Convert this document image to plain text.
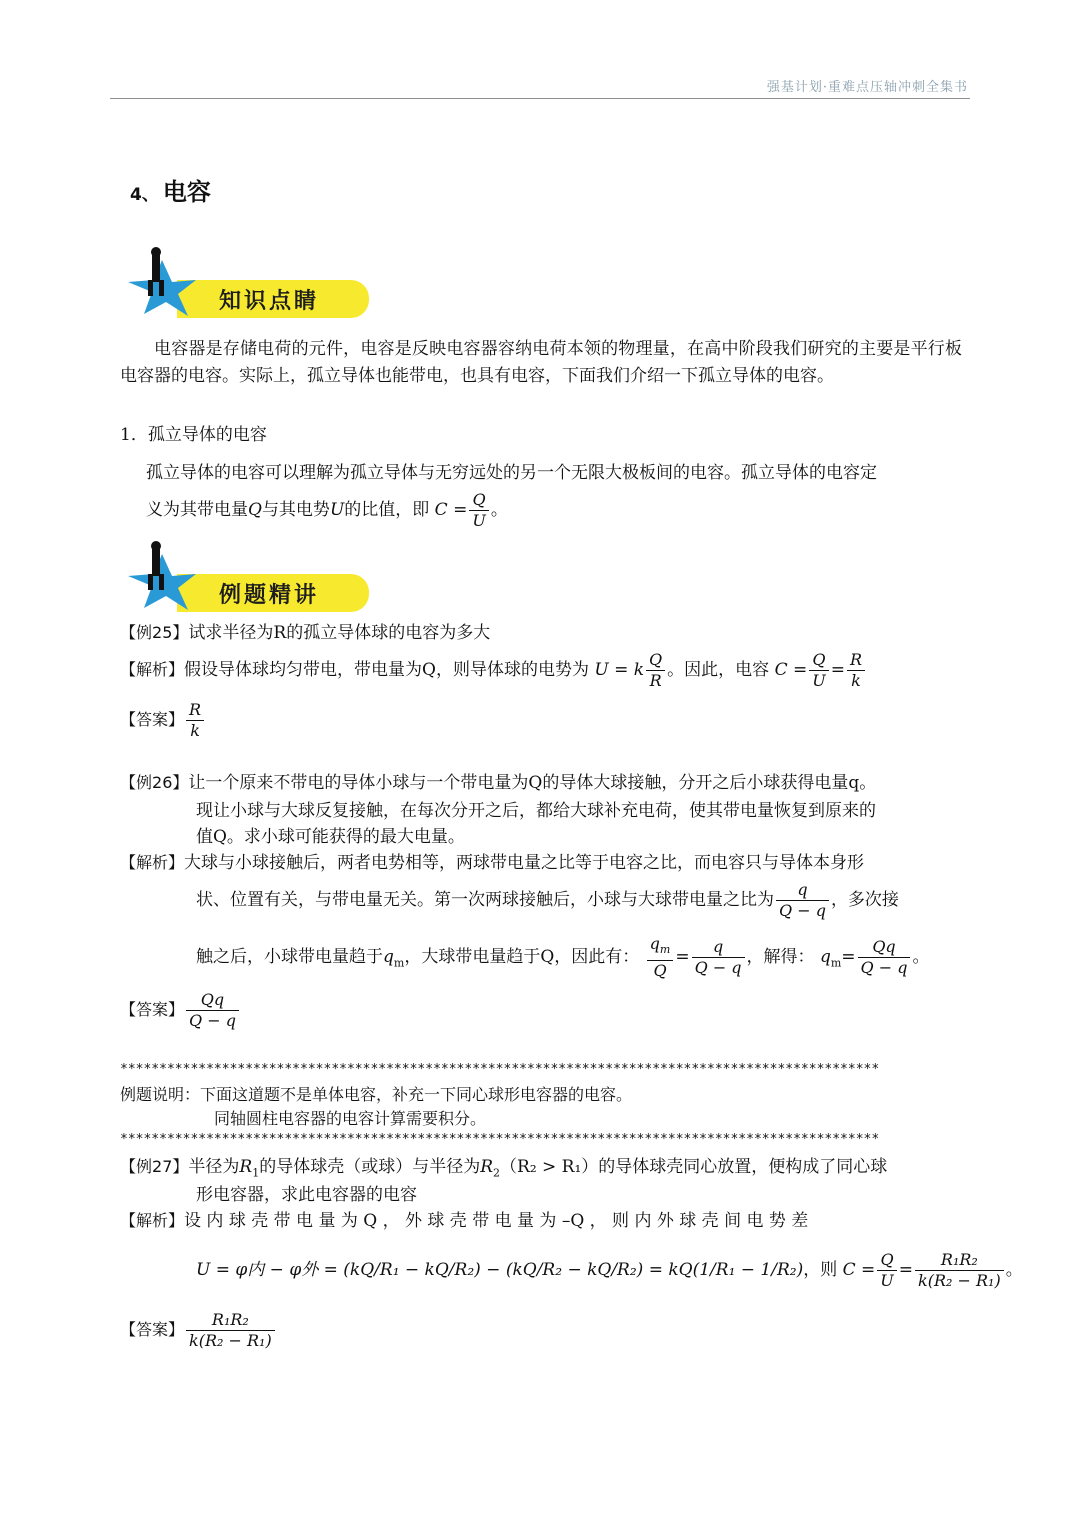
强基计划·重难点压轴冲刺全集书
4、 电容
知识点睛
电容器是存储电荷的元件，电容是反映电容器容纳电荷本领的物理量，在高中阶段我们研究的主要是平行板电容器的电容。实际上，孤立导体也能带电，也具有电容，下面我们介绍一下孤立导体的电容。
1．孤立导体的电容
孤立导体的电容可以理解为孤立导体与无穷远处的另一个无限大极板间的电容。孤立导体的电容定
义为其带电量Q与其电势U的比值，即 $C = \frac{Q}{U}$ 。
例题精讲
【例25】试求半径为R的孤立导体球的电容为多大
【解析】假设导体球均匀带电，带电量为Q，则导体球的电势为 U = k $\frac{Q}{R}$ 。因此，电容 $C = \frac{Q}{U} = \frac{R}{k}$
【答案】 $\frac{R}{k}$
【例26】让一个原来不带电的导体小球与一个带电量为Q的导体大球接触，分开之后小球获得电量q。
现让小球与大球反复接触，在每次分开之后，都给大球补充电荷，使其带电量恢复到原来的
值Q。求小球可能获得的最大电量。
【解析】大球与小球接触后，两者电势相等，两球带电量之比等于电容之比，而电容只与导体本身形
状、位置有关，与带电量无关。第一次两球接触后，小球与大球带电量之比为 $\frac{q}{Q - q}$ ，多次接
触之后，小球带电量趋于$q_m$，大球带电量趋于Q，因此有： $\frac{q_m}{Q} = \frac{q}{Q - q}$ ，解得： $q_m= \frac{Qq}{Q - q}$ 。
【答案】 $\frac{Qq}{Q - q}$
*************************************************************************************************
例题说明：下面这道题不是单体电容，补充一下同心球形电容器的电容。
同轴圆柱电容器的电容计算需要积分。
*************************************************************************************************
【例27】半径为$R_1$的导体球壳（或球）与半径为$R_2(R_2 > R_1)$的导体球壳同心放置，便构成了同心球
形电容器，求此电容器的电容
【解析】设 内 球 壳 带 电 量 为 Q ， 外 球 壳 带 电 量 为 –Q ， 则 内 外 球 壳 间 电 势 差
U = φ内 − φ外 = (kQ/R₁ − kQ/R₂) − (kQ/R₂ − kQ/R₂) = kQ(1/R₁ − 1/R₂)，则 $C = \frac{Q}{U} = \frac{\text{R₁R₂}}{\text{k(R₂ − R₁)}}$ 。
【答案】 $\frac{\text{R₁R₂}}{\text{k(R₂ − R₁)}}$
